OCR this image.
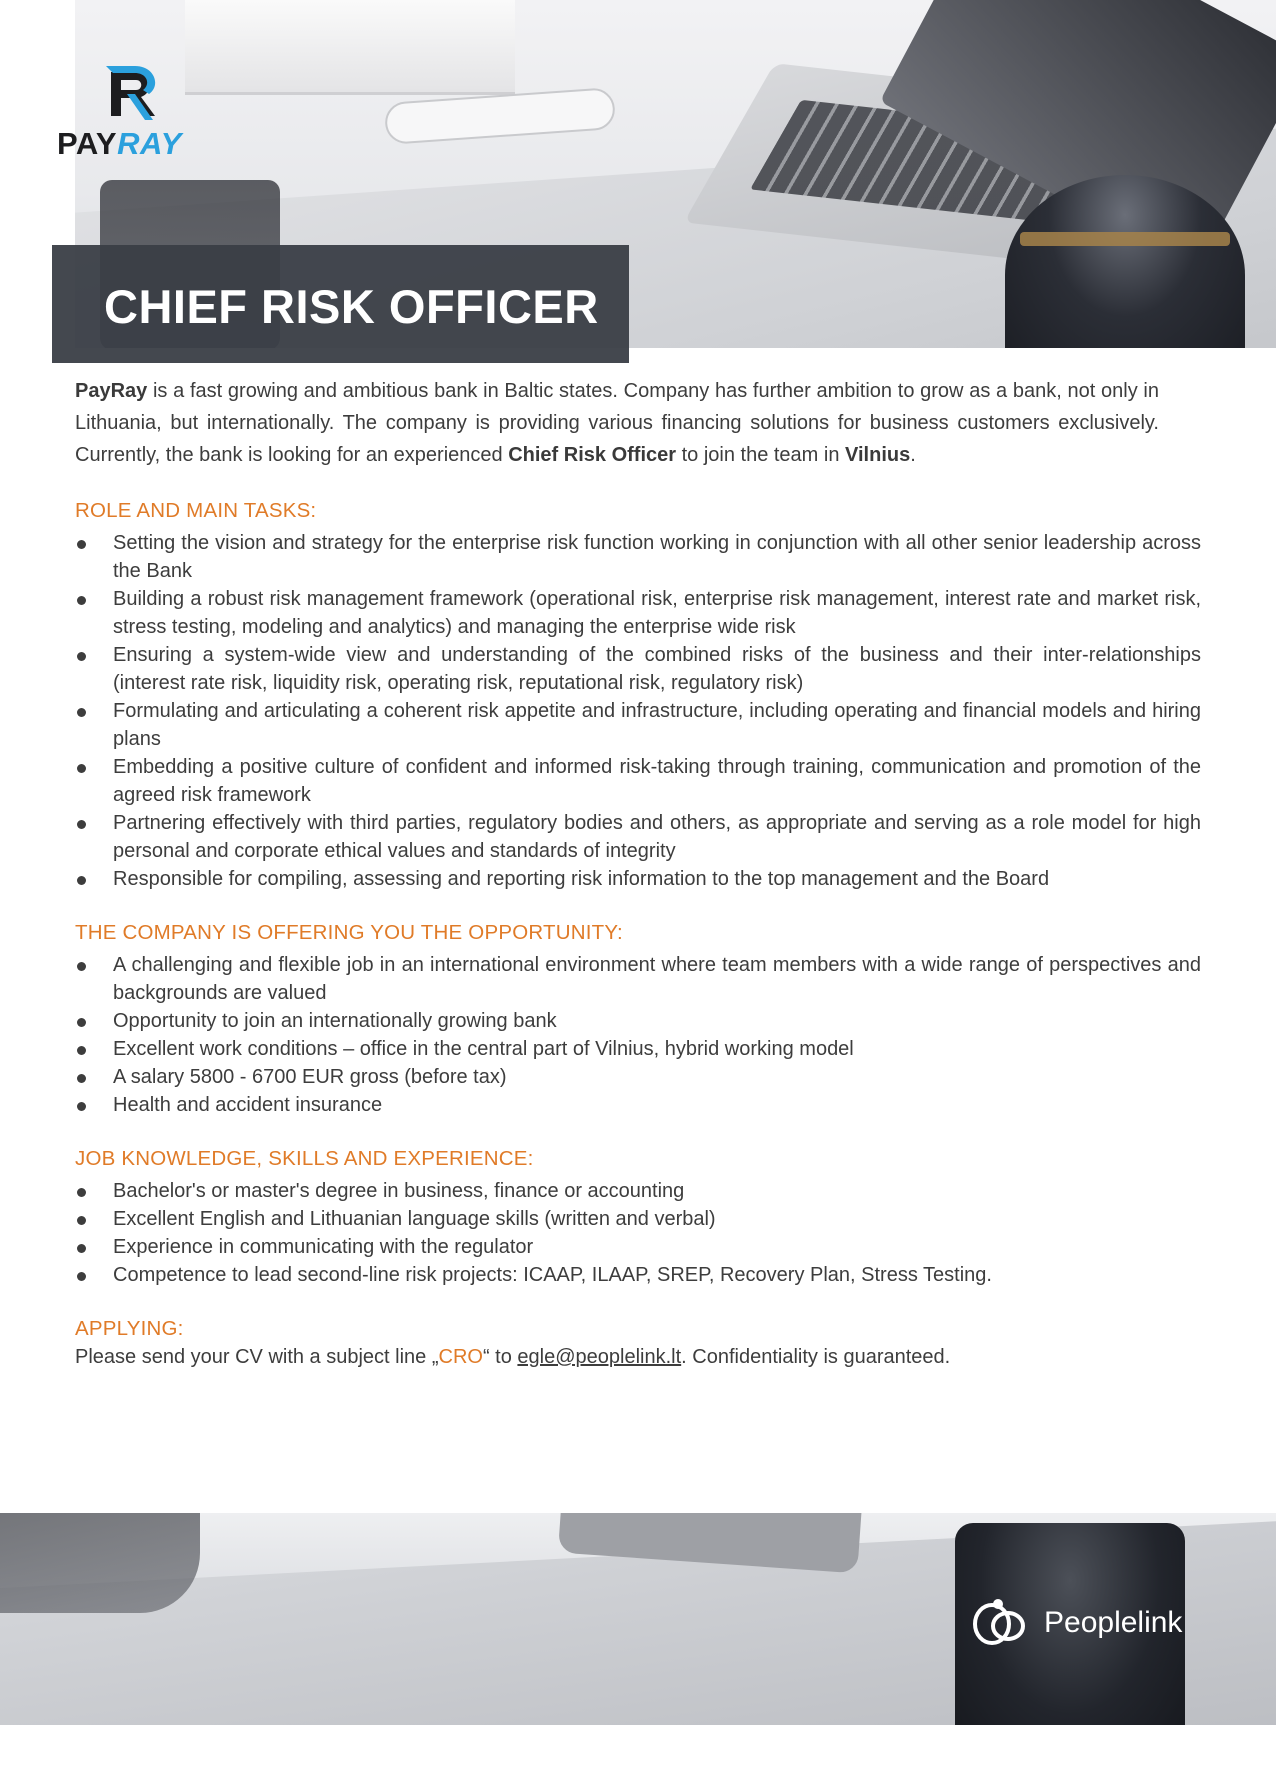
PAYRAY
CHIEF RISK OFFICER

PayRay is a fast growing and ambitious bank in Baltic states. Company has further ambition to grow as a bank, not only in Lithuania, but internationally. The company is providing various financing solutions for business customers exclusively. Currently, the bank is looking for an experienced Chief Risk Officer to join the team in Vilnius.

ROLE AND MAIN TASKS:
Setting the vision and strategy for the enterprise risk function working in conjunction with all other senior leadership across the Bank
Building a robust risk management framework (operational risk, enterprise risk management, interest rate and market risk, stress testing, modeling and analytics) and managing the enterprise wide risk
Ensuring a system-wide view and understanding of the combined risks of the business and their inter-relationships (interest rate risk, liquidity risk, operating risk, reputational risk, regulatory risk)
Formulating and articulating a coherent risk appetite and infrastructure, including operating and financial models and hiring plans
Embedding a positive culture of confident and informed risk-taking through training, communication and promotion of the agreed risk framework
Partnering effectively with third parties, regulatory bodies and others, as appropriate and serving as a role model for high personal and corporate ethical values and standards of integrity
Responsible for compiling, assessing and reporting risk information to the top management and the Board
THE COMPANY IS OFFERING YOU THE OPPORTUNITY:
A challenging and flexible job in an international environment where team members with a wide range of perspectives and backgrounds are valued
Opportunity to join an internationally growing bank
Excellent work conditions – office in the central part of Vilnius, hybrid working model
A salary 5800 - 6700 EUR gross (before tax)
Health and accident insurance
JOB KNOWLEDGE, SKILLS AND EXPERIENCE:
Bachelor's or master's degree in business, finance or accounting
Excellent English and Lithuanian language skills (written and verbal)
Experience in communicating with the regulator
Competence to lead second-line risk projects: ICAAP, ILAAP, SREP, Recovery Plan, Stress Testing.
APPLYING:

Please send your CV with a subject line „CRO“ to egle@peoplelink.lt. Confidentiality is guaranteed.

Peoplelink
